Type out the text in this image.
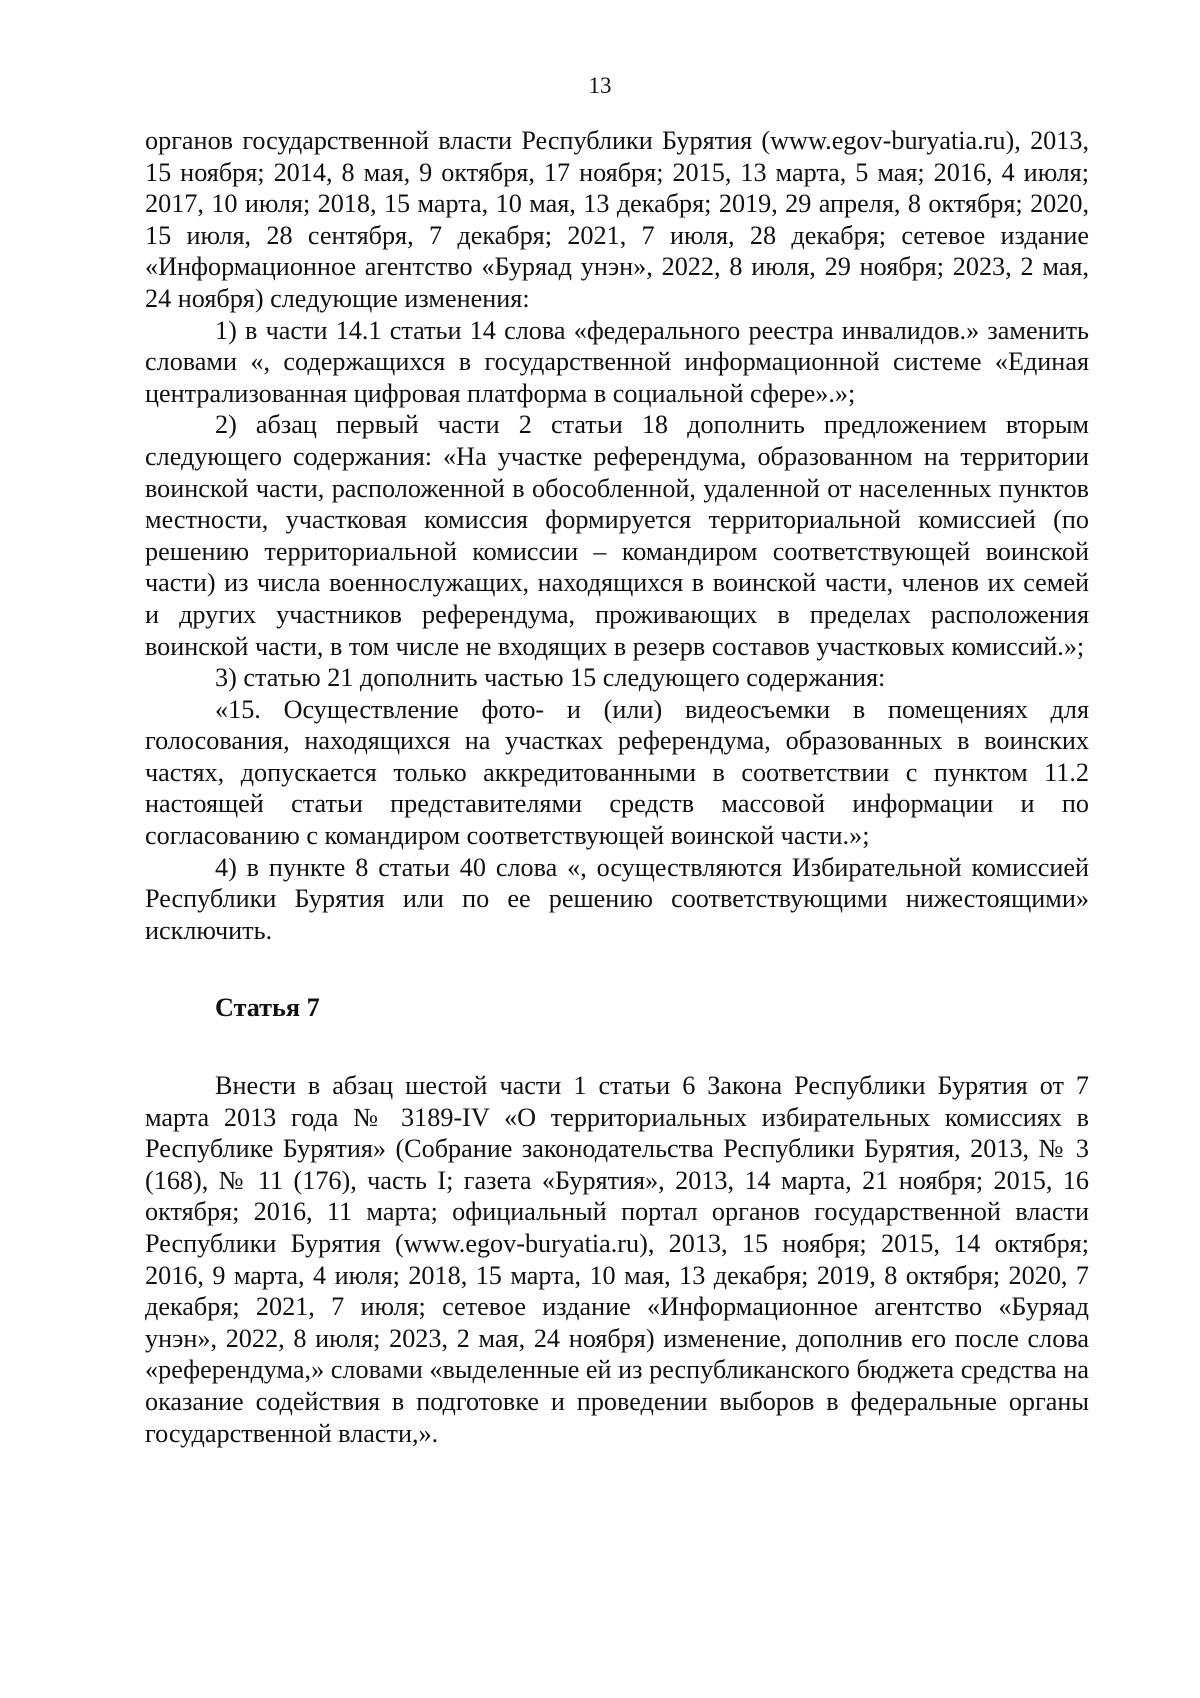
13

органов государственной власти Республики Бурятия (www.egov-buryatia.ru), 2013, 15 ноября; 2014, 8 мая, 9 октября, 17 ноября; 2015, 13 марта, 5 мая; 2016, 4 июля; 2017, 10 июля; 2018, 15 марта, 10 мая, 13 декабря; 2019, 29 апреля, 8 октября; 2020, 15 июля, 28 сентября, 7 декабря; 2021, 7 июля, 28 декабря; сетевое издание «Информационное агентство «Буряад унэн», 2022, 8 июля, 29 ноября; 2023, 2 мая, 24 ноября) следующие изменения:

1) в части 14.1 статьи 14 слова «федерального реестра инвалидов.» заменить словами «, содержащихся в государственной информационной системе «Единая централизованная цифровая платформа в социальной сфере».»;

2) абзац первый части 2 статьи 18 дополнить предложением вторым следующего содержания: «На участке референдума, образованном на территории воинской части, расположенной в обособленной, удаленной от населенных пунктов местности, участковая комиссия формируется территориальной комиссией (по решению территориальной комиссии – командиром соответствующей воинской части) из числа военнослужащих, находящихся в воинской части, членов их семей и других участников референдума, проживающих в пределах расположения воинской части, в том числе не входящих в резерв составов участковых комиссий.»;

3) статью 21 дополнить частью 15 следующего содержания:

«15. Осуществление фото- и (или) видеосъемки в помещениях для голосования, находящихся на участках референдума, образованных в воинских частях, допускается только аккредитованными в соответствии с пунктом 11.2 настоящей статьи представителями средств массовой информации и по согласованию с командиром соответствующей воинской части.»;

4) в пункте 8 статьи 40 слова «, осуществляются Избирательной комиссией Республики Бурятия или по ее решению соответствующими нижестоящими» исключить.

Статья 7

Внести в абзац шестой части 1 статьи 6 Закона Республики Бурятия от 7 марта 2013 года № 3189-IV «О территориальных избирательных комиссиях в Республике Бурятия» (Собрание законодательства Республики Бурятия, 2013, № 3 (168), № 11 (176), часть I; газета «Бурятия», 2013, 14 марта, 21 ноября; 2015, 16 октября; 2016, 11 марта; официальный портал органов государственной власти Республики Бурятия (www.egov-buryatia.ru), 2013, 15 ноября; 2015, 14 октября; 2016, 9 марта, 4 июля; 2018, 15 марта, 10 мая, 13 декабря; 2019, 8 октября; 2020, 7 декабря; 2021, 7 июля; сетевое издание «Информационное агентство «Буряад унэн», 2022, 8 июля; 2023, 2 мая, 24 ноября) изменение, дополнив его после слова «референдума,» словами «выделенные ей из республиканского бюджета средства на оказание содействия в подготовке и проведении выборов в федеральные органы государственной власти,».
